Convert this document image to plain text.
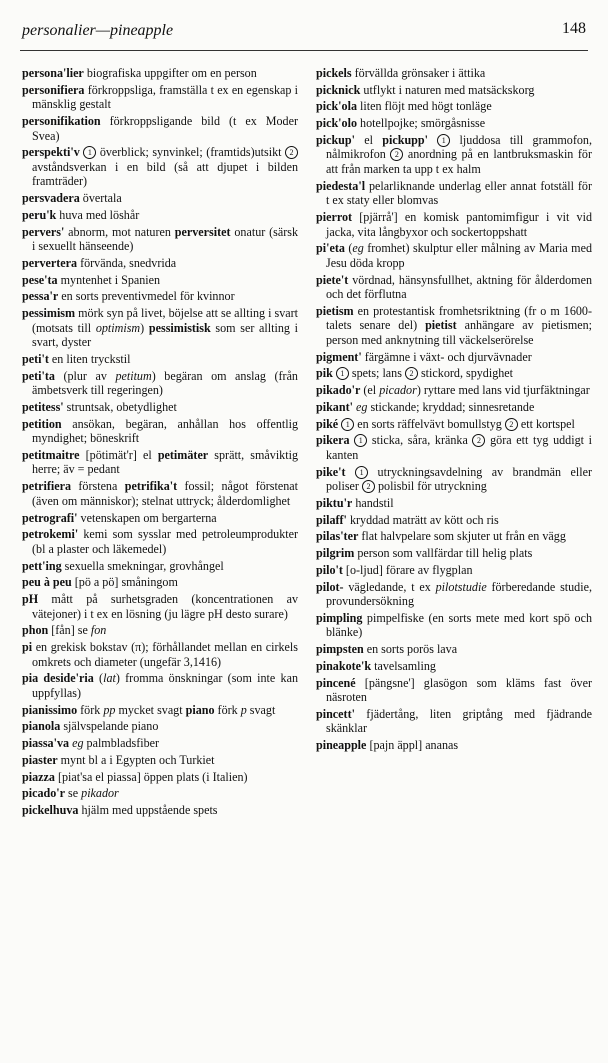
personalier—pineapple	148

persona'lier biografiska uppgifter om en person

personifiera förkroppsliga, framställa t ex en egenskap i mänsklig gestalt

personifikation förkroppsligande bild (t ex Moder Svea)

perspekti'v 1 överblick; synvinkel; (framtids)utsikt 2 avståndsverkan i en bild (så att djupet i bilden framträder)

persvadera övertala

peru'k huva med löshår

pervers' abnorm, mot naturen perversitet onatur (särsk i sexuellt hänseende)

pervertera förvända, snedvrida

pese'ta myntenhet i Spanien

pessa'r en sorts preventivmedel för kvinnor

pessimism mörk syn på livet, böjelse att se allting i svart (motsats till optimism) pessimistisk som ser allting i svart, dyster

peti't en liten tryckstil

peti'ta (plur av petitum) begäran om anslag (från ämbetsverk till regeringen)

petitess' struntsak, obetydlighet

petition ansökan, begäran, anhållan hos offentlig myndighet; böneskrift

petitmaitre [pötimät'r] el petimäter sprätt, småviktig herre; äv = pedant

petrifiera förstena petrifika't fossil; något förstenat (även om människor); stelnat uttryck; ålderdomlighet

petrografi' vetenskapen om bergarterna

petrokemi' kemi som sysslar med petroleumprodukter (bl a plaster och läkemedel)

pett'ing sexuella smekningar, grovhångel

peu à peu [pö a pö] småningom

pH mått på surhetsgraden (koncentrationen av vätejoner) i t ex en lösning (ju lägre pH desto surare)

phon [fån] se fon

pi en grekisk bokstav (π); förhållandet mellan en cirkels omkrets och diameter (ungefär 3,1416)

pia deside'ria (lat) fromma önskningar (som inte kan uppfyllas)

pianissimo förk pp mycket svagt piano förk p svagt

pianola självspelande piano

piassa'va eg palmbladsfiber

piaster mynt bl a i Egypten och Turkiet

piazza [piat'sa el piassa] öppen plats (i Italien)

picado'r se pikador

pickelhuva hjälm med uppstående spets

pickels förvällda grönsaker i ättika

picknick utflykt i naturen med matsäckskorg

pick'ola liten flöjt med högt tonläge

pick'olo hotellpojke; smörgåsnisse

pickup' el pickupp' 1 ljuddosa till grammofon, nålmikrofon 2 anordning på en lantbruksmaskin för att från marken ta upp t ex halm

piedesta'l pelarliknande underlag eller annat fotställ för t ex staty eller blomvas

pierrot [pjärrå'] en komisk pantomimfigur i vit vid jacka, vita långbyxor och sockertoppshatt

pi'eta (eg fromhet) skulptur eller målning av Maria med Jesu döda kropp

piete't vördnad, hänsynsfullhet, aktning för ålderdomen och det förflutna

pietism en protestantisk fromhetsriktning (fr o m 1600-talets senare del) pietist anhängare av pietismen; person med anknytning till väckelserörelse

pigment' färgämne i växt- och djurvävnader

pik 1 spets; lans 2 stickord, spydighet

pikado'r (el picador) ryttare med lans vid tjurfäktningar

pikant' eg stickande; kryddad; sinnesretande

piké 1 en sorts räffelvävt bomullstyg 2 ett kortspel

pikera 1 sticka, såra, kränka 2 göra ett tyg uddigt i kanten

pike't 1 utryckningsavdelning av brandmän eller poliser 2 polisbil för utryckning

piktu'r handstil

pilaff' kryddad maträtt av kött och ris

pilas'ter flat halvpelare som skjuter ut från en vägg

pilgrim person som vallfärdar till helig plats

pilo't [o-ljud] förare av flygplan

pilot- vägledande, t ex pilotstudie förberedande studie, provundersökning

pimpling pimpelfiske (en sorts mete med kort spö och blänke)

pimpsten en sorts porös lava

pinakote'k tavelsamling

pincené [pängsne'] glasögon som kläms fast över näsroten

pincett' fjädertång, liten griptång med fjädrande skänklar

pineapple [pajn äppl] ananas
